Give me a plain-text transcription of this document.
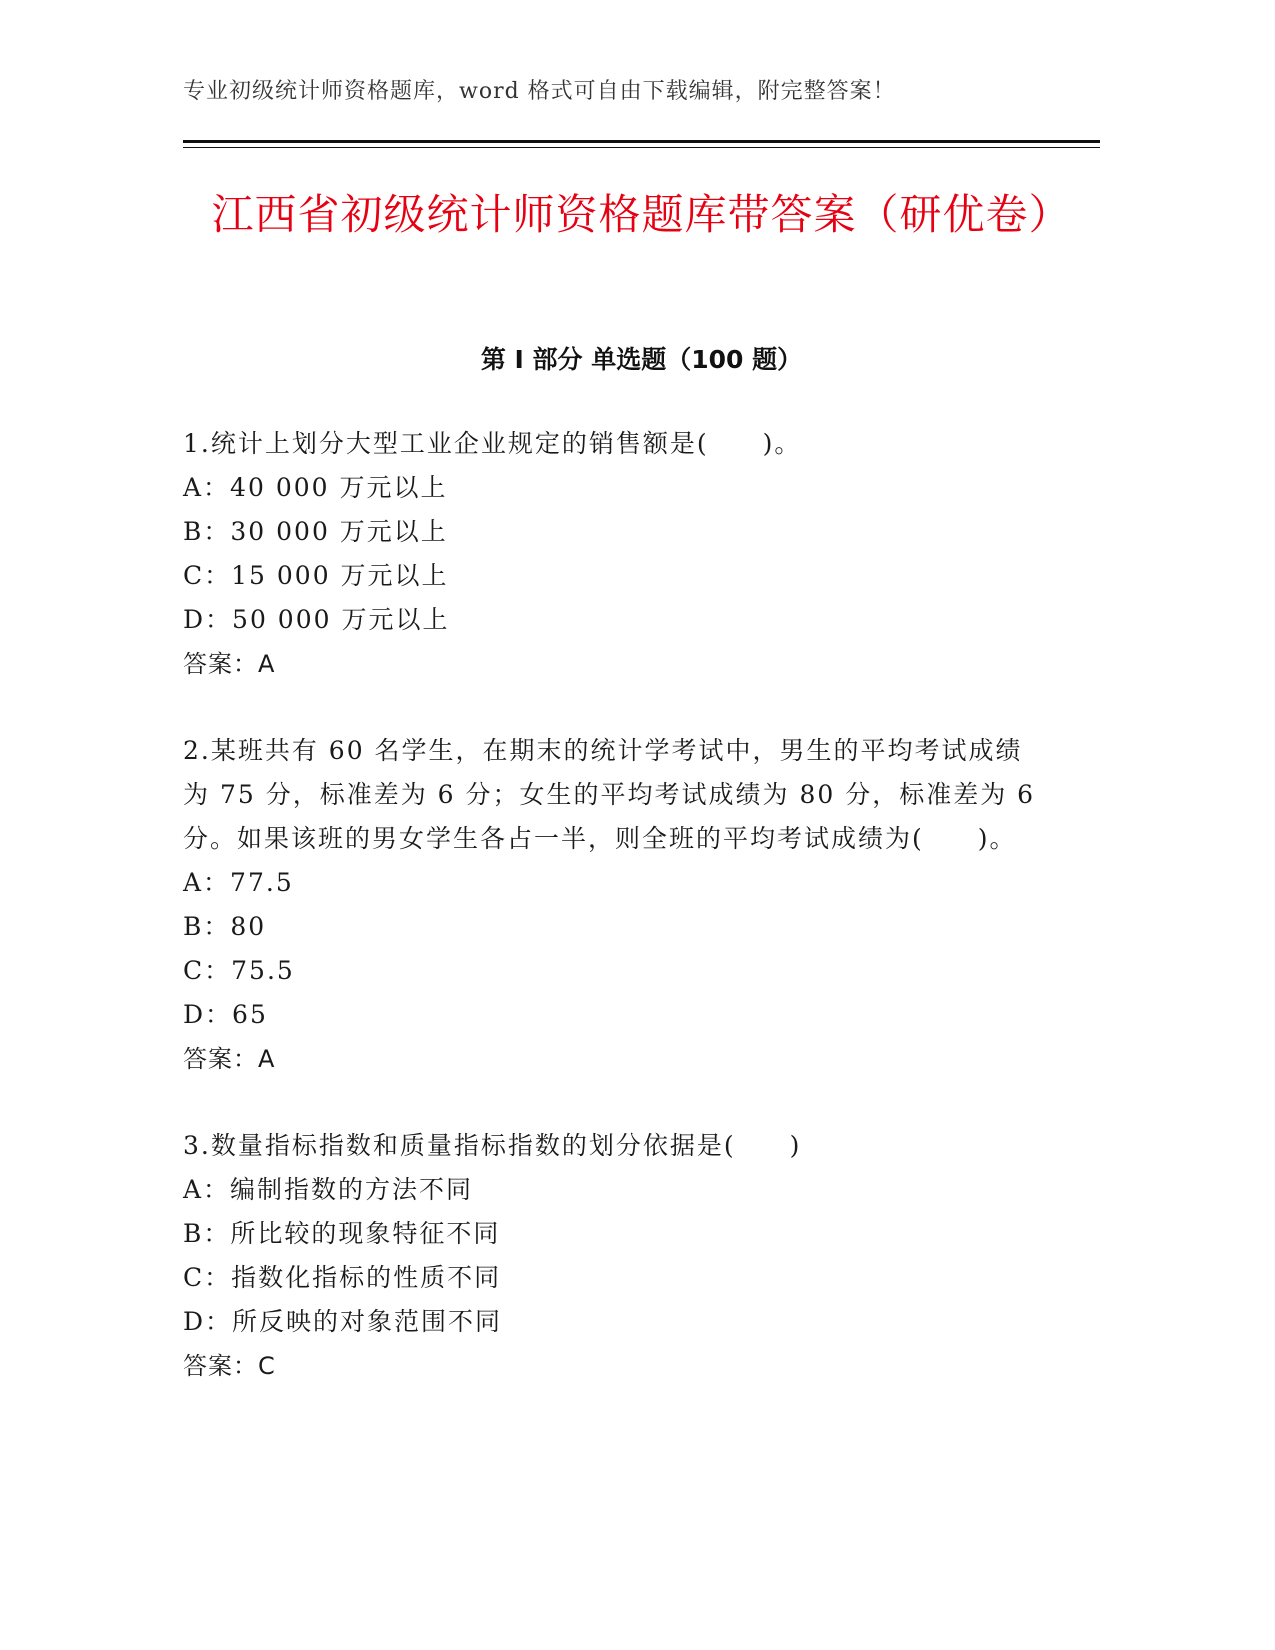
专业初级统计师资格题库，word 格式可自由下载编辑，附完整答案！
江西省初级统计师资格题库带答案（研优卷）
第 I 部分 单选题（100 题）

1.统计上划分大型工业企业规定的销售额是(　　)。

A：40 000 万元以上

B：30 000 万元以上

C：15 000 万元以上

D：50 000 万元以上

答案：A

2.某班共有 60 名学生，在期末的统计学考试中，男生的平均考试成绩为 75 分，标准差为 6 分；女生的平均考试成绩为 80 分，标准差为 6 分。如果该班的男女学生各占一半，则全班的平均考试成绩为(　　)。

A：77.5

B：80

C：75.5

D：65

答案：A

3.数量指标指数和质量指标指数的划分依据是(　　)

A：编制指数的方法不同

B：所比较的现象特征不同

C：指数化指标的性质不同

D：所反映的对象范围不同

答案：C
